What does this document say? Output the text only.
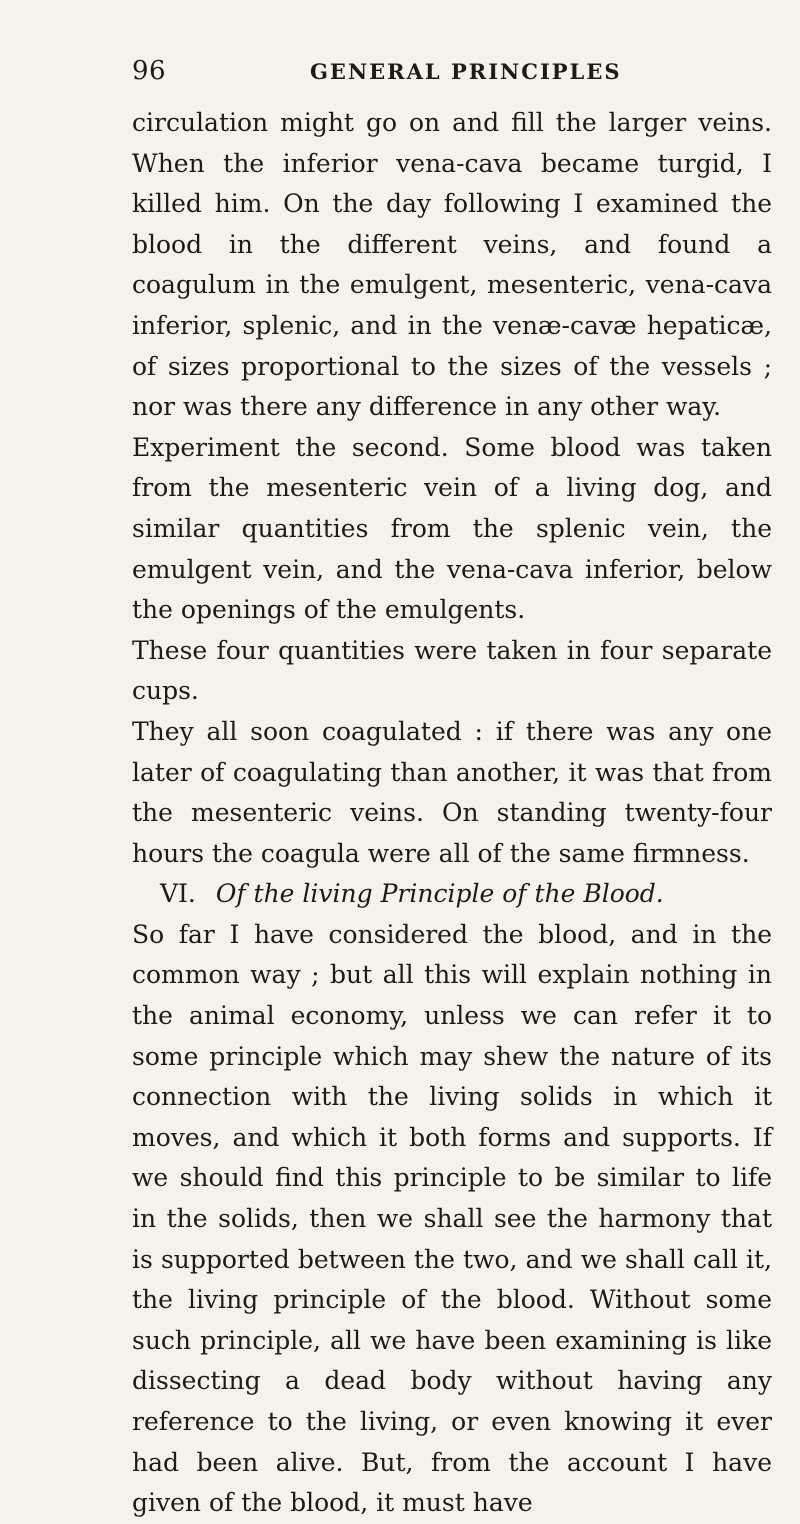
96	GENERAL PRINCIPLES

circulation might go on and fill the larger veins. When the inferior vena-cava became turgid, I killed him. On the day following I examined the blood in the different veins, and found a coagulum in the emulgent, mesenteric, vena-cava inferior, splenic, and in the venæ-cavæ hepaticæ, of sizes proportional to the sizes of the vessels ; nor was there any difference in any other way.

Experiment the second. Some blood was taken from the mesenteric vein of a living dog, and similar quantities from the splenic vein, the emulgent vein, and the vena-cava inferior, below the openings of the emulgents.

These four quantities were taken in four separate cups.

They all soon coagulated : if there was any one later of coagulating than another, it was that from the mesenteric veins. On standing twenty-four hours the coagula were all of the same firmness.

VI. Of the living Principle of the Blood.

So far I have considered the blood, and in the common way ; but all this will explain nothing in the animal economy, unless we can refer it to some principle which may shew the nature of its connection with the living solids in which it moves, and which it both forms and supports. If we should find this principle to be similar to life in the solids, then we shall see the harmony that is supported between the two, and we shall call it, the living principle of the blood. Without some such principle, all we have been examining is like dissecting a dead body without having any reference to the living, or even knowing it ever had been alive. But, from the account I have given of the blood, it must have
